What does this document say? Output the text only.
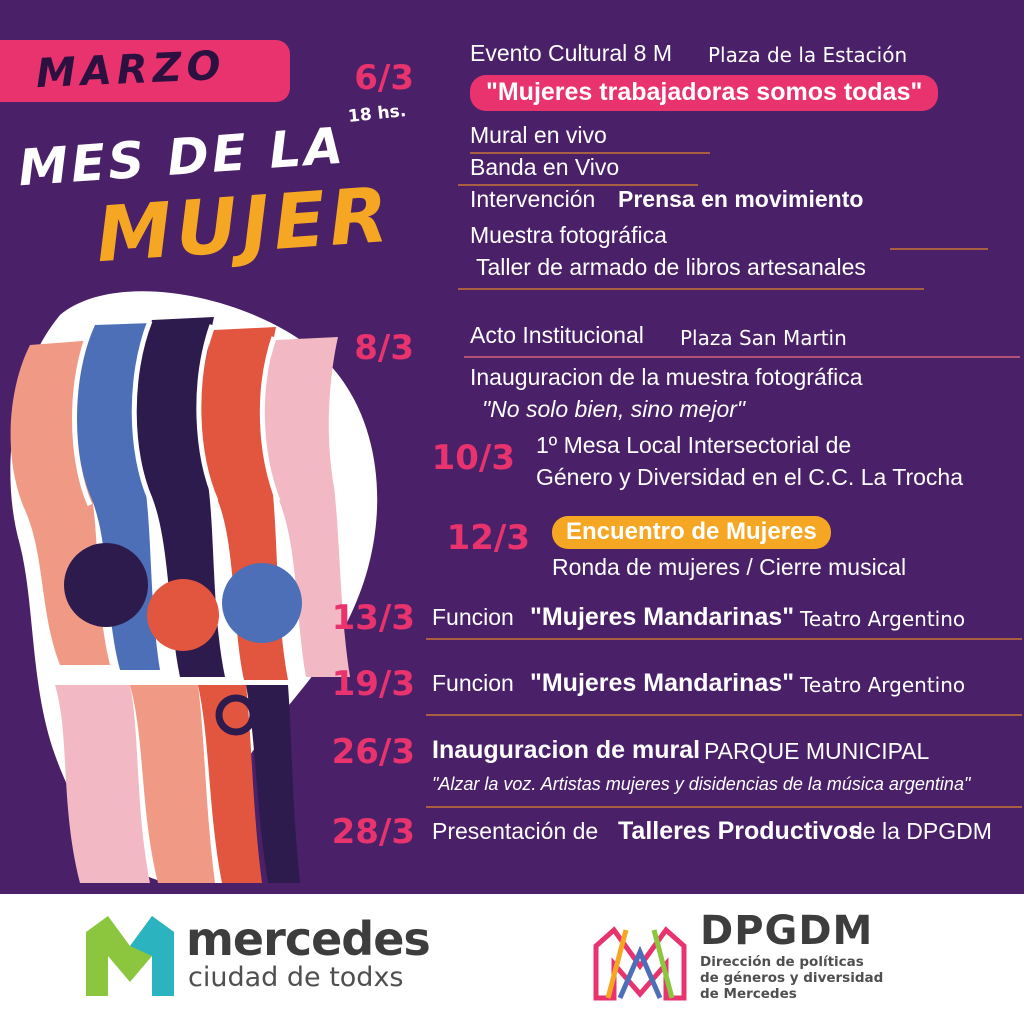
MARZO
MES DE LA
MUJER
6/3
18 hs.
Evento Cultural 8 M Plaza de la Estación
"Mujeres trabajadoras somos todas"
Mural en vivo
Banda en Vivo
Intervención Prensa en movimiento
Muestra fotográfica
Taller de armado de libros artesanales
8/3 Acto Institucional Plaza San Martin
Inauguracion de la muestra fotográfica
"No solo bien, sino mejor"
10/3 1º Mesa Local Intersectorial de
Género y Diversidad en el C.C. La Trocha
12/3	Encuentro de Mujeres
Ronda de mujeres / Cierre musical
13/3 Funcion "Mujeres Mandarinas" Teatro Argentino
19/3 Funcion "Mujeres Mandarinas" Teatro Argentino
26/3 Inauguracion de mural PARQUE MUNICIPAL
"Alzar la voz. Artistas mujeres y disidencias de la música argentina"
28/3 Presentación de Talleres Productivos
de la DPGDM
mercedes
ciudad de todxs
DPGDM
Dirección de políticas
de géneros y diversidad
de Mercedes
